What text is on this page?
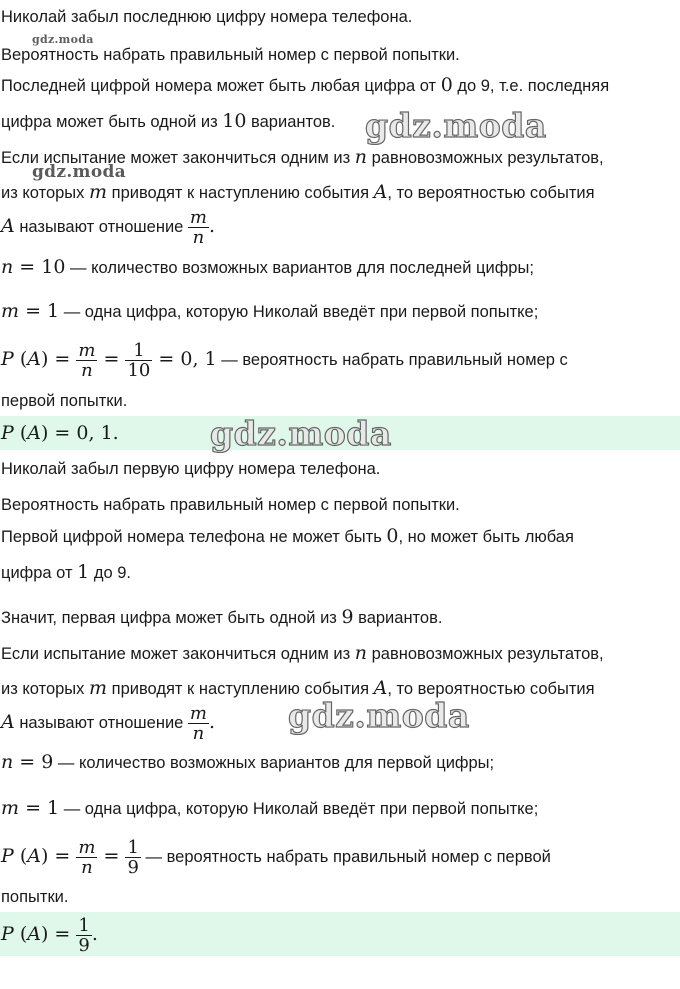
Николай забыл последнюю цифру номера телефона.
gdz.moda
Вероятность набрать правильный номер с первой попытки.
Последней цифрой номера может быть любая цифра от 0 до 9, т.е. последняя
цифра может быть одной из 10 вариантов. gdz.moda
Если испытание может закончиться одним из n равновозможных результатов,
gdz.moda
из которых m приводят к наступлению события A, то вероятностью события
A называют отношение $\frac{m}{n}$ .
n = 10 — количество возможных вариантов для последней цифры;
m = 1 — одна цифра, которую Николай введёт при первой попытке;
P $(A) = \frac{m}{n} = \frac{1}{10} = 0$, 1 — вероятность набрать правильный номер с
первой попытки.
P (A) = 0, 1.	gdz.moda
Николай забыл первую цифру номера телефона.
Вероятность набрать правильный номер с первой попытки.
Первой цифрой номера телефона не может быть 0, но может быть любая
цифра от 1 до 9.
Значит, первая цифра может быть одной из 9 вариантов.
Если испытание может закончиться одним из n равновозможных результатов,
из которых m приводят к наступлению события A, то вероятностью события
A называют отношение $\frac{m}{n}$ . gdz.moda
n = 9 — количество возможных вариантов для первой цифры;
m = 1 — одна цифра, которую Николай введёт при первой попытке;
P $(A) = \frac{m}{n} = \frac{1}{9}$ — вероятность набрать правильный номер с первой
попытки.
P $(A) = \frac{1}{9}$ .
